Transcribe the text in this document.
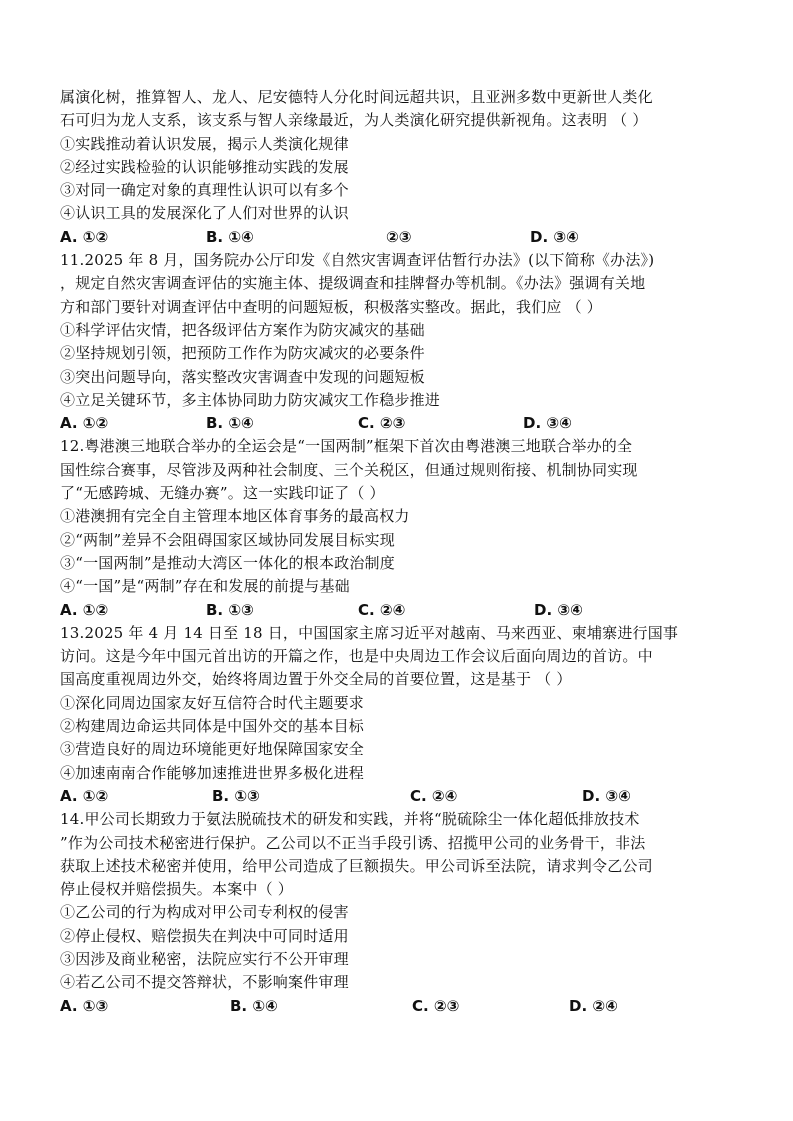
属演化树，推算智人、龙人、尼安德特人分化时间远超共识，且亚洲多数中更新世人类化
石可归为龙人支系，该支系与智人亲缘最近，为人类演化研究提供新视角。这表明 （ ）
①实践推动着认识发展，揭示人类演化规律
②经过实践检验的认识能够推动实践的发展
③对同一确定对象的真理性认识可以有多个
④认识工具的发展深化了人们对世界的认识
A. ①②	B. ①④	②③	D. ③④
11.2025 年 8 月，国务院办公厅印发《自然灾害调查评估暂行办法》(以下简称《办法》)
，规定自然灾害调查评估的实施主体、提级调查和挂牌督办等机制。《办法》强调有关地
方和部门要针对调查评估中查明的问题短板，积极落实整改。据此，我们应 （ ）
①科学评估灾情，把各级评估方案作为防灾减灾的基础
②坚持规划引领，把预防工作作为防灾减灾的必要条件
③突出问题导向，落实整改灾害调查中发现的问题短板
④立足关键环节，多主体协同助力防灾减灾工作稳步推进
A. ①②	B. ①④	C. ②③	D. ③④
12.粤港澳三地联合举办的全运会是“一国两制”框架下首次由粤港澳三地联合举办的全
国性综合赛事，尽管涉及两种社会制度、三个关税区，但通过规则衔接、机制协同实现
了“无感跨城、无缝办赛”。这一实践印证了（ ）
①港澳拥有完全自主管理本地区体育事务的最高权力
②“两制”差异不会阻碍国家区域协同发展目标实现
③“一国两制”是推动大湾区一体化的根本政治制度
④“一国”是“两制”存在和发展的前提与基础
A. ①②	B. ①③	C. ②④	D. ③④
13.2025 年 4 月 14 日至 18 日，中国国家主席习近平对越南、马来西亚、柬埔寨进行国事
访问。这是今年中国元首出访的开篇之作，也是中央周边工作会议后面向周边的首访。中
国高度重视周边外交，始终将周边置于外交全局的首要位置，这是基于 （ ）
①深化同周边国家友好互信符合时代主题要求
②构建周边命运共同体是中国外交的基本目标
③营造良好的周边环境能更好地保障国家安全
④加速南南合作能够加速推进世界多极化进程
A. ①②	B. ①③	C. ②④	D. ③④
14.甲公司长期致力于氨法脱硫技术的研发和实践，并将“脱硫除尘一体化超低排放技术
”作为公司技术秘密进行保护。乙公司以不正当手段引诱、招揽甲公司的业务骨干，非法
获取上述技术秘密并使用，给甲公司造成了巨额损失。甲公司诉至法院，请求判令乙公司
停止侵权并赔偿损失。本案中（ ）
①乙公司的行为构成对甲公司专利权的侵害
②停止侵权、赔偿损失在判决中可同时适用
③因涉及商业秘密，法院应实行不公开审理
④若乙公司不提交答辩状，不影响案件审理
A. ①③	B. ①④	C. ②③	D. ②④
